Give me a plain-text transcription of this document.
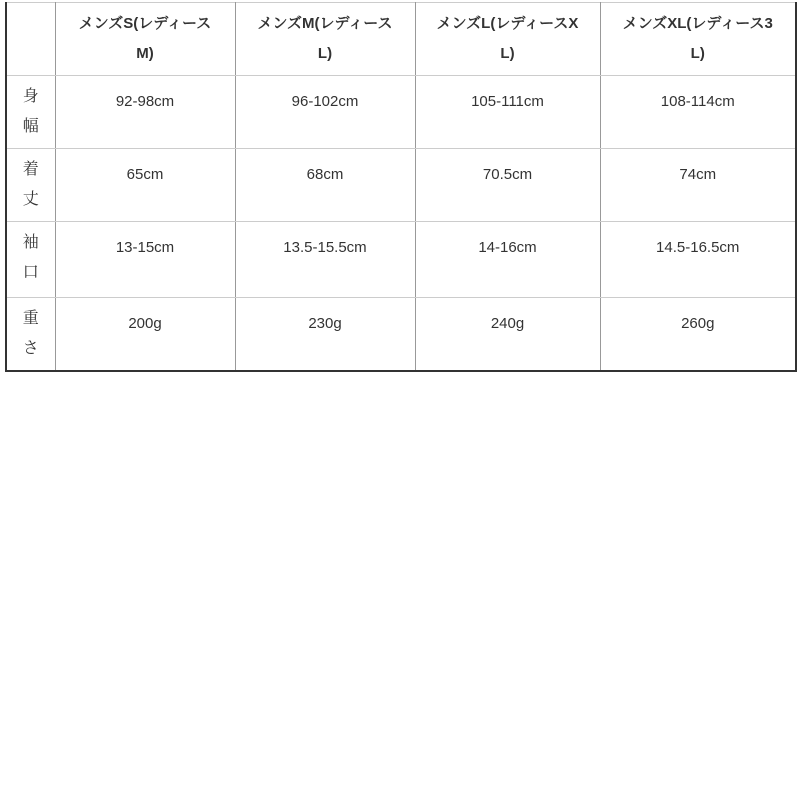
	メンズS(レディースM)	メンズM(レディースL)	メンズL(レディースXL)	メンズXL(レディース3L)
身幅	92-98cm	96-102cm	105-111cm	108-114cm
着丈	65cm	68cm	70.5cm	74cm
袖口	13-15cm	13.5-15.5cm	14-16cm	14.5-16.5cm
重さ	200g	230g	240g	260g
